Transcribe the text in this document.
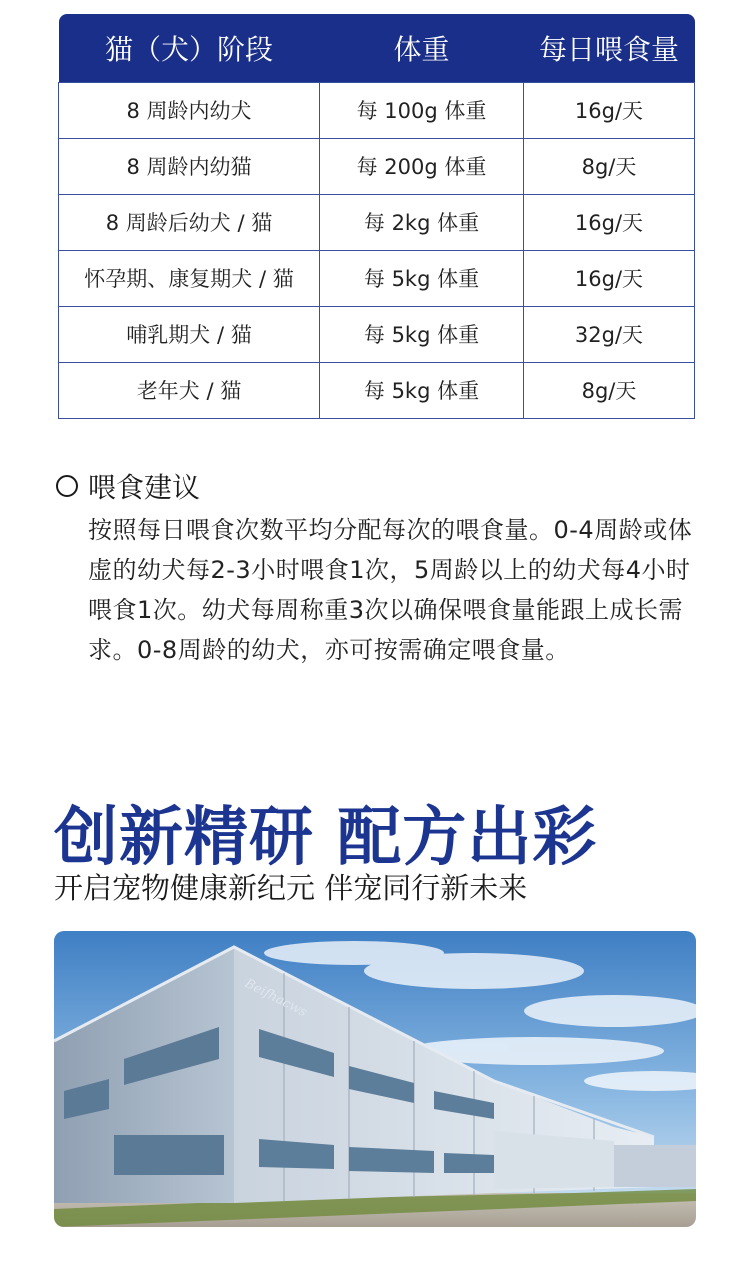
猫（犬）阶段	体重	每日喂食量
8 周龄内幼犬	每 100g 体重	16g/天
8 周龄内幼猫	每 200g 体重	8g/天
8 周龄后幼犬 / 猫	每 2kg 体重	16g/天
怀孕期、康复期犬 / 猫	每 5kg 体重	16g/天
哺乳期犬 / 猫	每 5kg 体重	32g/天
老年犬 / 猫	每 5kg 体重	8g/天
喂食建议

按照每日喂食次数平均分配每次的喂食量。0-4周龄或体虚的幼犬每2-3小时喂食1次，5周龄以上的幼犬每4小时喂食1次。幼犬每周称重3次以确保喂食量能跟上成长需求。0-8周龄的幼犬，亦可按需确定喂食量。

创新精研 配方出彩
开启宠物健康新纪元 伴宠同行新未来
Beifhacws
